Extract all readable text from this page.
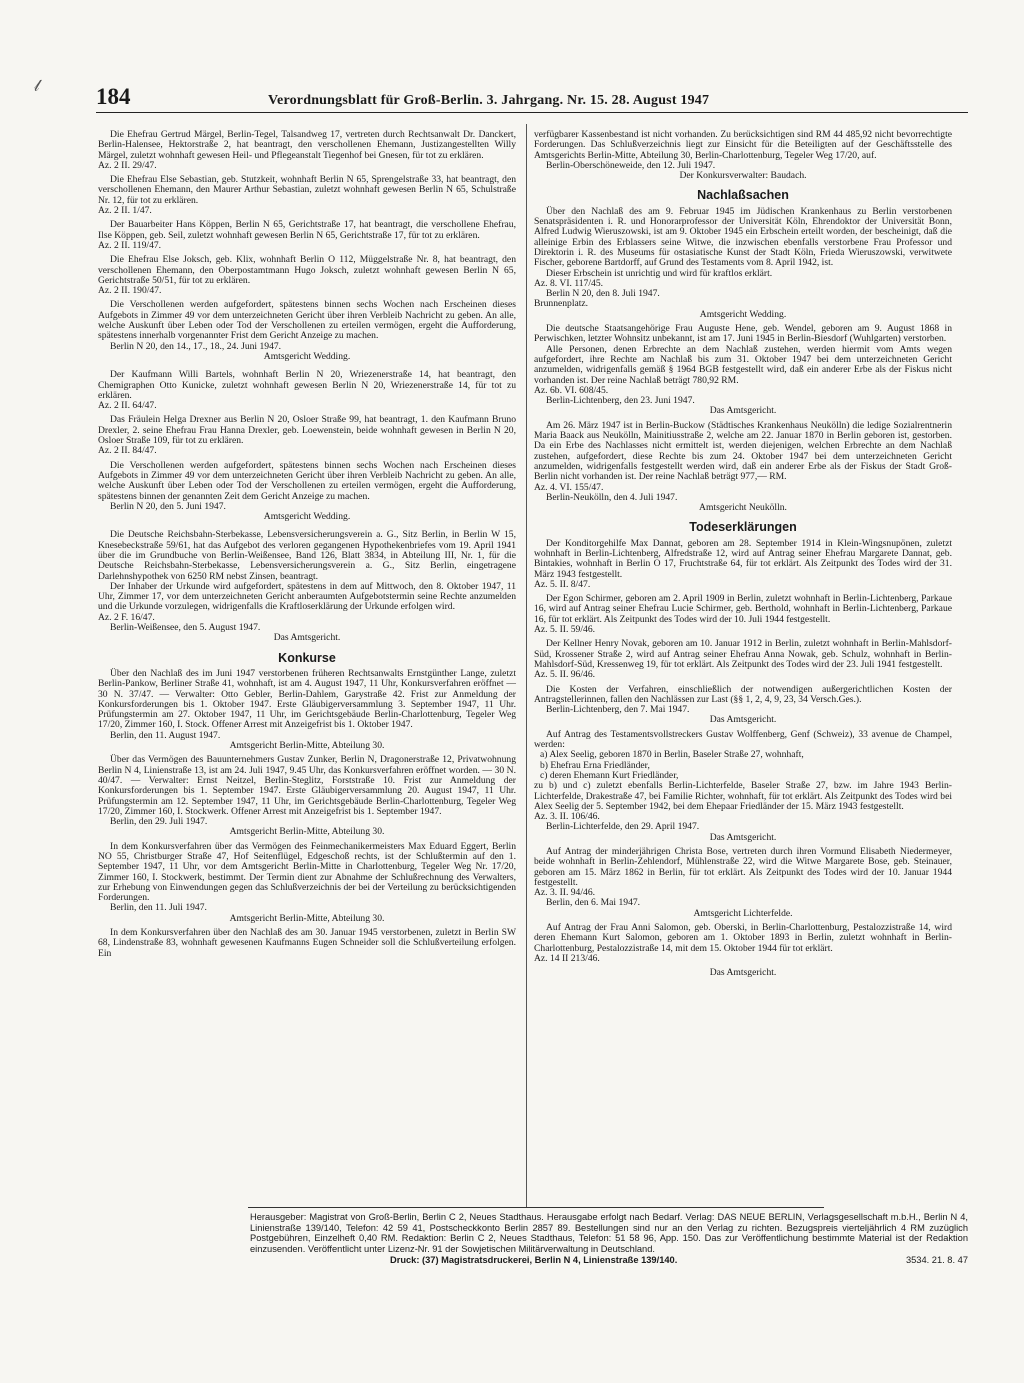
𝓁 184	Verordnungsblatt für Groß-Berlin. 3. Jahrgang. Nr. 15. 28. August 1947

Die Ehefrau Gertrud Märgel, Berlin-Tegel, Talsandweg 17, vertreten durch Rechtsanwalt Dr. Danckert, Berlin-Halensee, Hektorstraße 2, hat beantragt, den verschollenen Ehemann, Justizangestellten Willy Märgel, zuletzt wohnhaft gewesen Heil- und Pflegeanstalt Tiegenhof bei Gnesen, für tot zu erklären.

Az. 2 II. 29/47.

Die Ehefrau Else Sebastian, geb. Stutzkeit, wohnhaft Berlin N 65, Sprengelstraße 33, hat beantragt, den verschollenen Ehemann, den Maurer Arthur Sebastian, zuletzt wohnhaft gewesen Berlin N 65, Schulstraße Nr. 12, für tot zu erklären.

Az. 2 II. 1/47.

Der Bauarbeiter Hans Köppen, Berlin N 65, Gerichtstraße 17, hat beantragt, die verschollene Ehefrau, Ilse Köppen, geb. Seil, zuletzt wohnhaft gewesen Berlin N 65, Gerichtstraße 17, für tot zu erklären.

Az. 2 II. 119/47.

Die Ehefrau Else Joksch, geb. Klix, wohnhaft Berlin O 112, Müggelstraße Nr. 8, hat beantragt, den verschollenen Ehemann, den Oberpostamtmann Hugo Joksch, zuletzt wohnhaft gewesen Berlin N 65, Gerichtstraße 50/51, für tot zu erklären.

Az. 2 II. 190/47.

Die Verschollenen werden aufgefordert, spätestens binnen sechs Wochen nach Erscheinen dieses Aufgebots in Zimmer 49 vor dem unterzeichneten Gericht über ihren Verbleib Nachricht zu geben. An alle, welche Auskunft über Leben oder Tod der Verschollenen zu erteilen vermögen, ergeht die Aufforderung, spätestens innerhalb vorgenannter Frist dem Gericht Anzeige zu machen.

Berlin N 20, den 14., 17., 18., 24. Juni 1947.

Amtsgericht Wedding.

Der Kaufmann Willi Bartels, wohnhaft Berlin N 20, Wriezenerstraße 14, hat beantragt, den Chemigraphen Otto Kunicke, zuletzt wohnhaft gewesen Berlin N 20, Wriezenerstraße 14, für tot zu erklären.

Az. 2 II. 64/47.

Das Fräulein Helga Drexner aus Berlin N 20, Osloer Straße 99, hat beantragt, 1. den Kaufmann Bruno Drexler, 2. seine Ehefrau Frau Hanna Drexler, geb. Loewenstein, beide wohnhaft gewesen in Berlin N 20, Osloer Straße 109, für tot zu erklären.

Az. 2 II. 84/47.

Die Verschollenen werden aufgefordert, spätestens binnen sechs Wochen nach Erscheinen dieses Aufgebots in Zimmer 49 vor dem unterzeichneten Gericht über ihren Verbleib Nachricht zu geben. An alle, welche Auskunft über Leben oder Tod der Verschollenen zu erteilen vermögen, ergeht die Aufforderung, spätestens binnen der genannten Zeit dem Gericht Anzeige zu machen.

Berlin N 20, den 5. Juni 1947.

Amtsgericht Wedding.

Die Deutsche Reichsbahn-Sterbekasse, Lebensversicherungsverein a. G., Sitz Berlin, in Berlin W 15, Knesebeckstraße 59/61, hat das Aufgebot des verloren gegangenen Hypothekenbriefes vom 19. April 1941 über die im Grundbuche von Berlin-Weißensee, Band 126, Blatt 3834, in Abteilung III, Nr. 1, für die Deutsche Reichsbahn-Sterbekasse, Lebensversicherungsverein a. G., Sitz Berlin, eingetragene Darlehnshypothek von 6250 RM nebst Zinsen, beantragt.

Der Inhaber der Urkunde wird aufgefordert, spätestens in dem auf Mittwoch, den 8. Oktober 1947, 11 Uhr, Zimmer 17, vor dem unterzeichneten Gericht anberaumten Aufgebotstermin seine Rechte anzumelden und die Urkunde vorzulegen, widrigenfalls die Kraftloserklärung der Urkunde erfolgen wird.

Az. 2 F. 16/47.

Berlin-Weißensee, den 5. August 1947.

Das Amtsgericht.

Konkurse

Über den Nachlaß des im Juni 1947 verstorbenen früheren Rechtsanwalts Ernstgünther Lange, zuletzt Berlin-Pankow, Berliner Straße 41, wohnhaft, ist am 4. August 1947, 11 Uhr, Konkursverfahren eröffnet — 30 N. 37/47. — Verwalter: Otto Gebler, Berlin-Dahlem, Garystraße 42. Frist zur Anmeldung der Konkursforderungen bis 1. Oktober 1947. Erste Gläubigerversammlung 3. September 1947, 11 Uhr. Prüfungstermin am 27. Oktober 1947, 11 Uhr, im Gerichtsgebäude Berlin-Charlottenburg, Tegeler Weg 17/20, Zimmer 160, I. Stock. Offener Arrest mit Anzeigefrist bis 1. Oktober 1947.

Berlin, den 11. August 1947.

Amtsgericht Berlin-Mitte, Abteilung 30.

Über das Vermögen des Bauunternehmers Gustav Zunker, Berlin N, Dragonerstraße 12, Privatwohnung Berlin N 4, Linienstraße 13, ist am 24. Juli 1947, 9.45 Uhr, das Konkursverfahren eröffnet worden. — 30 N. 40/47. — Verwalter: Ernst Neitzel, Berlin-Steglitz, Forststraße 10. Frist zur Anmeldung der Konkursforderungen bis 1. September 1947. Erste Gläubigerversammlung 20. August 1947, 11 Uhr. Prüfungstermin am 12. September 1947, 11 Uhr, im Gerichtsgebäude Berlin-Charlottenburg, Tegeler Weg 17/20, Zimmer 160, I. Stockwerk. Offener Arrest mit Anzeigefrist bis 1. September 1947.

Berlin, den 29. Juli 1947.

Amtsgericht Berlin-Mitte, Abteilung 30.

In dem Konkursverfahren über das Vermögen des Feinmechanikermeisters Max Eduard Eggert, Berlin NO 55, Christburger Straße 47, Hof Seitenflügel, Edgeschoß rechts, ist der Schlußtermin auf den 1. September 1947, 11 Uhr, vor dem Amtsgericht Berlin-Mitte in Charlottenburg, Tegeler Weg Nr. 17/20, Zimmer 160, I. Stockwerk, bestimmt. Der Termin dient zur Abnahme der Schlußrechnung des Verwalters, zur Erhebung von Einwendungen gegen das Schlußverzeichnis der bei der Verteilung zu berücksichtigenden Forderungen.

Berlin, den 11. Juli 1947.

Amtsgericht Berlin-Mitte, Abteilung 30.

In dem Konkursverfahren über den Nachlaß des am 30. Januar 1945 verstorbenen, zuletzt in Berlin SW 68, Lindenstraße 83, wohnhaft gewesenen Kaufmanns Eugen Schneider soll die Schlußverteilung erfolgen. Ein

verfügbarer Kassenbestand ist nicht vorhanden. Zu berücksichtigen sind RM 44 485,92 nicht bevorrechtigte Forderungen. Das Schlußverzeichnis liegt zur Einsicht für die Beteiligten auf der Geschäftsstelle des Amtsgerichts Berlin-Mitte, Abteilung 30, Berlin-Charlottenburg, Tegeler Weg 17/20, auf.

Berlin-Oberschöneweide, den 12. Juli 1947.

Der Konkursverwalter: Baudach.

Nachlaßsachen

Über den Nachlaß des am 9. Februar 1945 im Jüdischen Krankenhaus zu Berlin verstorbenen Senatspräsidenten i. R. und Honorarprofessor der Universität Köln, Ehrendoktor der Universität Bonn, Alfred Ludwig Wieruszowski, ist am 9. Oktober 1945 ein Erbschein erteilt worden, der bescheinigt, daß die alleinige Erbin des Erblassers seine Witwe, die inzwischen ebenfalls verstorbene Frau Professor und Direktorin i. R. des Museums für ostasiatische Kunst der Stadt Köln, Frieda Wieruszowski, verwitwete Fischer, geborene Bartdorff, auf Grund des Testaments vom 8. April 1942, ist.

Dieser Erbschein ist unrichtig und wird für kraftlos erklärt.

Az. 8. VI. 117/45.

Berlin N 20, den 8. Juli 1947.

Brunnenplatz.

Amtsgericht Wedding.

Die deutsche Staatsangehörige Frau Auguste Hene, geb. Wendel, geboren am 9. August 1868 in Perwischken, letzter Wohnsitz unbekannt, ist am 17. Juni 1945 in Berlin-Biesdorf (Wuhlgarten) verstorben.

Alle Personen, denen Erbrechte an dem Nachlaß zustehen, werden hiermit vom Amts wegen aufgefordert, ihre Rechte am Nachlaß bis zum 31. Oktober 1947 bei dem unterzeichneten Gericht anzumelden, widrigenfalls gemäß § 1964 BGB festgestellt wird, daß ein anderer Erbe als der Fiskus nicht vorhanden ist. Der reine Nachlaß beträgt 780,92 RM.

Az. 6b. VI. 608/45.

Berlin-Lichtenberg, den 23. Juni 1947.

Das Amtsgericht.

Am 26. März 1947 ist in Berlin-Buckow (Städtisches Krankenhaus Neukölln) die ledige Sozialrentnerin Maria Baack aus Neukölln, Mainitiusstraße 2, welche am 22. Januar 1870 in Berlin geboren ist, gestorben. Da ein Erbe des Nachlasses nicht ermittelt ist, werden diejenigen, welchen Erbrechte an dem Nachlaß zustehen, aufgefordert, diese Rechte bis zum 24. Oktober 1947 bei dem unterzeichneten Gericht anzumelden, widrigenfalls festgestellt werden wird, daß ein anderer Erbe als der Fiskus der Stadt Groß-Berlin nicht vorhanden ist. Der reine Nachlaß beträgt 977,— RM.

Az. 4. VI. 155/47.

Berlin-Neukölln, den 4. Juli 1947.

Amtsgericht Neukölln.

Todeserklärungen

Der Konditorgehilfe Max Dannat, geboren am 28. September 1914 in Klein-Wingsnupönen, zuletzt wohnhaft in Berlin-Lichtenberg, Alfredstraße 12, wird auf Antrag seiner Ehefrau Margarete Dannat, geb. Bintakies, wohnhaft in Berlin O 17, Fruchtstraße 64, für tot erklärt. Als Zeitpunkt des Todes wird der 31. März 1943 festgestellt.

Az. 5. II. 8/47.

Der Egon Schirmer, geboren am 2. April 1909 in Berlin, zuletzt wohnhaft in Berlin-Lichtenberg, Parkaue 16, wird auf Antrag seiner Ehefrau Lucie Schirmer, geb. Berthold, wohnhaft in Berlin-Lichtenberg, Parkaue 16, für tot erklärt. Als Zeitpunkt des Todes wird der 10. Juli 1944 festgestellt.

Az. 5. II. 59/46.

Der Kellner Henry Novak, geboren am 10. Januar 1912 in Berlin, zuletzt wohnhaft in Berlin-Mahlsdorf-Süd, Krossener Straße 2, wird auf Antrag seiner Ehefrau Anna Nowak, geb. Schulz, wohnhaft in Berlin-Mahlsdorf-Süd, Kressenweg 19, für tot erklärt. Als Zeitpunkt des Todes wird der 23. Juli 1941 festgestellt.

Az. 5. II. 96/46.

Die Kosten der Verfahren, einschließlich der notwendigen außergerichtlichen Kosten der Antragstellerinnen, fallen den Nachlässen zur Last (§§ 1, 2, 4, 9, 23, 34 Versch.Ges.).

Berlin-Lichtenberg, den 7. Mai 1947.

Das Amtsgericht.

Auf Antrag des Testamentsvollstreckers Gustav Wolffenberg, Genf (Schweiz), 33 avenue de Champel, werden:

a) Alex Seelig, geboren 1870 in Berlin, Baseler Straße 27, wohnhaft,

b) Ehefrau Erna Friedländer,

c) deren Ehemann Kurt Friedländer,

zu b) und c) zuletzt ebenfalls Berlin-Lichterfelde, Baseler Straße 27, bzw. im Jahre 1943 Berlin-Lichterfelde, Drakestraße 47, bei Familie Richter, wohnhaft, für tot erklärt. Als Zeitpunkt des Todes wird bei Alex Seelig der 5. September 1942, bei dem Ehepaar Friedländer der 15. März 1943 festgestellt.

Az. 3. II. 106/46.

Berlin-Lichterfelde, den 29. April 1947.

Das Amtsgericht.

Auf Antrag der minderjährigen Christa Bose, vertreten durch ihren Vormund Elisabeth Niedermeyer, beide wohnhaft in Berlin-Zehlendorf, Mühlenstraße 22, wird die Witwe Margarete Bose, geb. Steinauer, geboren am 15. März 1862 in Berlin, für tot erklärt. Als Zeitpunkt des Todes wird der 10. Januar 1944 festgestellt.

Az. 3. II. 94/46.

Berlin, den 6. Mai 1947.

Amtsgericht Lichterfelde.

Auf Antrag der Frau Anni Salomon, geb. Oberski, in Berlin-Charlottenburg, Pestalozzistraße 14, wird deren Ehemann Kurt Salomon, geboren am 1. Oktober 1893 in Berlin, zuletzt wohnhaft in Berlin-Charlottenburg, Pestalozzistraße 14, mit dem 15. Oktober 1944 für tot erklärt.

Az. 14 II 213/46.

Das Amtsgericht.

Herausgeber: Magistrat von Groß-Berlin, Berlin C 2, Neues Stadthaus. Herausgabe erfolgt nach Bedarf. Verlag: DAS NEUE BERLIN, Verlagsgesellschaft m.b.H., Berlin N 4, Linienstraße 139/140, Telefon: 42 59 41, Postscheckkonto Berlin 2857 89. Bestellungen sind nur an den Verlag zu richten. Bezugspreis vierteljährlich 4 RM zuzüglich Postgebühren, Einzelheft 0,40 RM. Redaktion: Berlin C 2, Neues Stadthaus, Telefon: 51 58 96, App. 150. Das zur Veröffentlichung bestimmte Material ist der Redaktion einzusenden. Veröffentlicht unter Lizenz-Nr. 91 der Sowjetischen Militärverwaltung in Deutschland.

Druck: (37) Magistratsdruckerei, Berlin N 4, Linienstraße 139/140.	3534. 21. 8. 47
